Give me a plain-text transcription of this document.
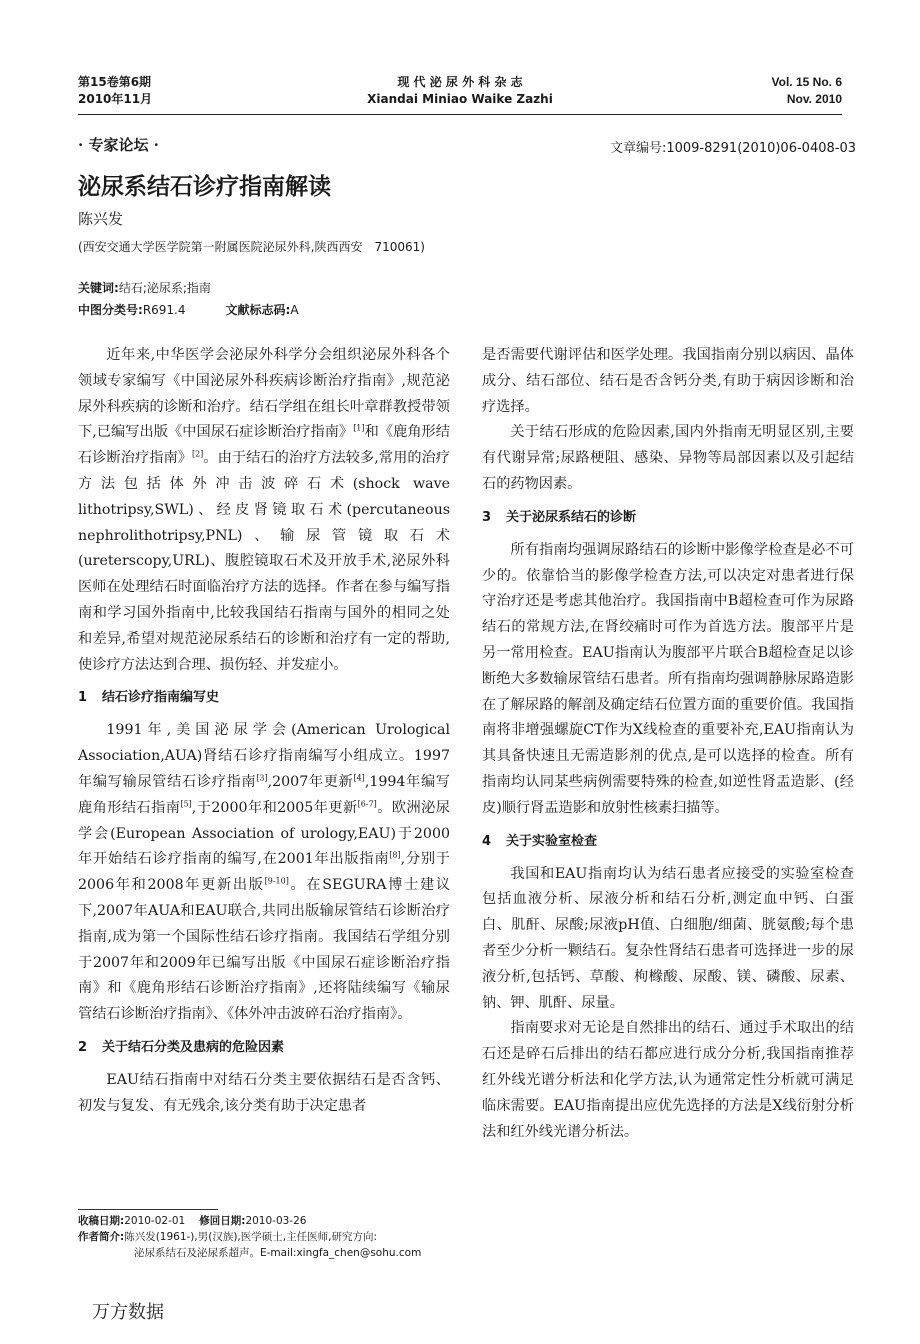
第15卷第6期
2010年11月
现 代 泌 尿 外 科 杂 志
Xiandai Miniao Waike Zazhi
Vol. 15 No. 6
Nov. 2010
· 专家论坛 ·	文章编号:1009-8291(2010)06-0408-03
泌尿系结石诊疗指南解读
陈兴发
(西安交通大学医学院第一附属医院泌尿外科,陕西西安　710061)
关键词:结石;泌尿系;指南
中图分类号:R691.4	文献标志码:A

近年来,中华医学会泌尿外科学分会组织泌尿外科各个领域专家编写《中国泌尿外科疾病诊断治疗指南》,规范泌尿外科疾病的诊断和治疗。结石学组在组长叶章群教授带领下,已编写出版《中国尿石症诊断治疗指南》[1]和《鹿角形结石诊断治疗指南》[2]。由于结石的治疗方法较多,常用的治疗方法包括体外冲击波碎石术(shock wave lithotripsy,SWL)、经皮肾镜取石术(percutaneous nephrolithotripsy,PNL)、输尿管镜取石术(ureterscopy,URL)、腹腔镜取石术及开放手术,泌尿外科医师在处理结石时面临治疗方法的选择。作者在参与编写指南和学习国外指南中,比较我国结石指南与国外的相同之处和差异,希望对规范泌尿系结石的诊断和治疗有一定的帮助,使诊疗方法达到合理、损伤轻、并发症小。

1 结石诊疗指南编写史

1991年,美国泌尿学会(American Urological Association,AUA)肾结石诊疗指南编写小组成立。1997年编写输尿管结石诊疗指南[3],2007年更新[4],1994年编写鹿角形结石指南[5],于2000年和2005年更新[6-7]。欧洲泌尿学会(European Association of urology,EAU)于2000年开始结石诊疗指南的编写,在2001年出版指南[8],分别于2006年和2008年更新出版[9-10]。在SEGURA博士建议下,2007年AUA和EAU联合,共同出版输尿管结石诊断治疗指南,成为第一个国际性结石诊疗指南。我国结石学组分别于2007年和2009年已编写出版《中国尿石症诊断治疗指南》和《鹿角形结石诊断治疗指南》,还将陆续编写《输尿管结石诊断治疗指南》、《体外冲击波碎石治疗指南》。

2 关于结石分类及患病的危险因素

EAU结石指南中对结石分类主要依据结石是否含钙、初发与复发、有无残余,该分类有助于决定患者

是否需要代谢评估和医学处理。我国指南分别以病因、晶体成分、结石部位、结石是否含钙分类,有助于病因诊断和治疗选择。

关于结石形成的危险因素,国内外指南无明显区别,主要有代谢异常;尿路梗阻、感染、异物等局部因素以及引起结石的药物因素。

3 关于泌尿系结石的诊断

所有指南均强调尿路结石的诊断中影像学检查是必不可少的。依靠恰当的影像学检查方法,可以决定对患者进行保守治疗还是考虑其他治疗。我国指南中B超检查可作为尿路结石的常规方法,在肾绞痛时可作为首选方法。腹部平片是另一常用检查。EAU指南认为腹部平片联合B超检查足以诊断绝大多数输尿管结石患者。所有指南均强调静脉尿路造影在了解尿路的解剖及确定结石位置方面的重要价值。我国指南将非增强螺旋CT作为X线检查的重要补充,EAU指南认为其具备快速且无需造影剂的优点,是可以选择的检查。所有指南均认同某些病例需要特殊的检查,如逆性肾盂造影、(经皮)顺行肾盂造影和放射性核素扫描等。

4 关于实验室检查

我国和EAU指南均认为结石患者应接受的实验室检查包括血液分析、尿液分析和结石分析,测定血中钙、白蛋白、肌酐、尿酸;尿液pH值、白细胞/细菌、胱氨酸;每个患者至少分析一颗结石。复杂性肾结石患者可选择进一步的尿液分析,包括钙、草酸、枸橼酸、尿酸、镁、磷酸、尿素、钠、钾、肌酐、尿量。

指南要求对无论是自然排出的结石、通过手术取出的结石还是碎石后排出的结石都应进行成分分析,我国指南推荐红外线光谱分析法和化学方法,认为通常定性分析就可满足临床需要。EAU指南提出应优先选择的方法是X线衍射分析法和红外线光谱分析法。

收稿日期:2010-02-01 修回日期:2010-03-26
作者简介:陈兴发(1961-),男(汉族),医学硕士,主任医师,研究方向:
泌尿系结石及泌尿系超声。E-mail:xingfa_chen@sohu.com
万方数据
